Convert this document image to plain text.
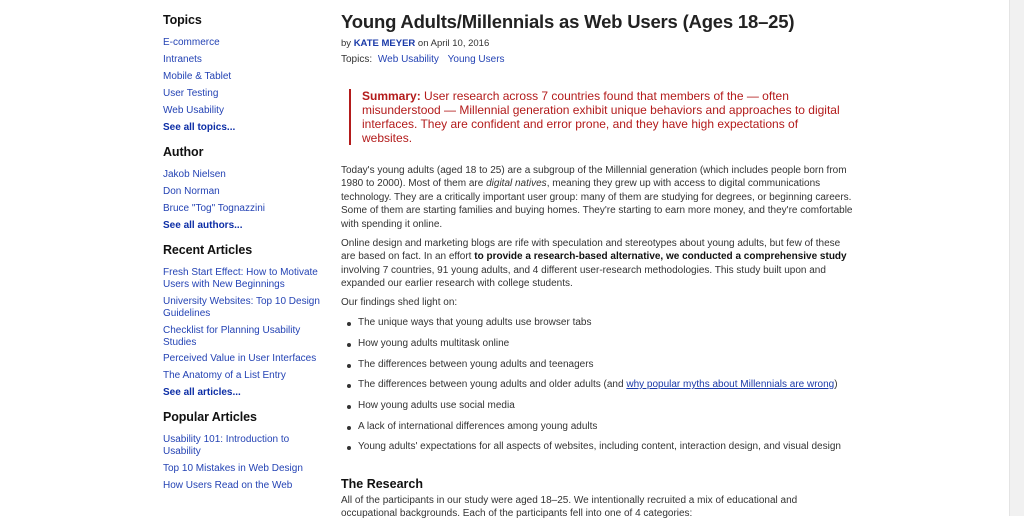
Topics
E-commerce
Intranets
Mobile & Tablet
User Testing
Web Usability
See all topics...
Author
Jakob Nielsen
Don Norman
Bruce "Tog" Tognazzini
See all authors...
Recent Articles
Fresh Start Effect: How to Motivate Users with New Beginnings
University Websites: Top 10 Design Guidelines
Checklist for Planning Usability Studies
Perceived Value in User Interfaces
The Anatomy of a List Entry
See all articles...
Popular Articles
Usability 101: Introduction to Usability
Top 10 Mistakes in Web Design
How Users Read on the Web
Young Adults/Millennials as Web Users (Ages 18–25)
by KATE MEYER on April 10, 2016
Topics: Web Usability Young Users
Summary: User research across 7 countries found that members of the — often misunderstood — Millennial generation exhibit unique behaviors and approaches to digital interfaces. They are confident and error prone, and they have high expectations of websites.

Today's young adults (aged 18 to 25) are a subgroup of the Millennial generation (which includes people born from 1980 to 2000). Most of them are digital natives, meaning they grew up with access to digital communications technology. They are a critically important user group: many of them are studying for degrees, or beginning careers. Some of them are starting families and buying homes. They're starting to earn more money, and they're comfortable with spending it online.

Online design and marketing blogs are rife with speculation and stereotypes about young adults, but few of these are based on fact. In an effort to provide a research-based alternative, we conducted a comprehensive study involving 7 countries, 91 young adults, and 4 different user-research methodologies. This study built upon and expanded our earlier research with college students.

Our findings shed light on:

The unique ways that young adults use browser tabs
How young adults multitask online
The differences between young adults and teenagers
The differences between young adults and older adults (and why popular myths about Millennials are wrong)
How young adults use social media
A lack of international differences among young adults
Young adults' expectations for all aspects of websites, including content, interaction design, and visual design
The Research

All of the participants in our study were aged 18–25. We intentionally recruited a mix of educational and occupational backgrounds. Each of the participants fell into one of 4 categories:
